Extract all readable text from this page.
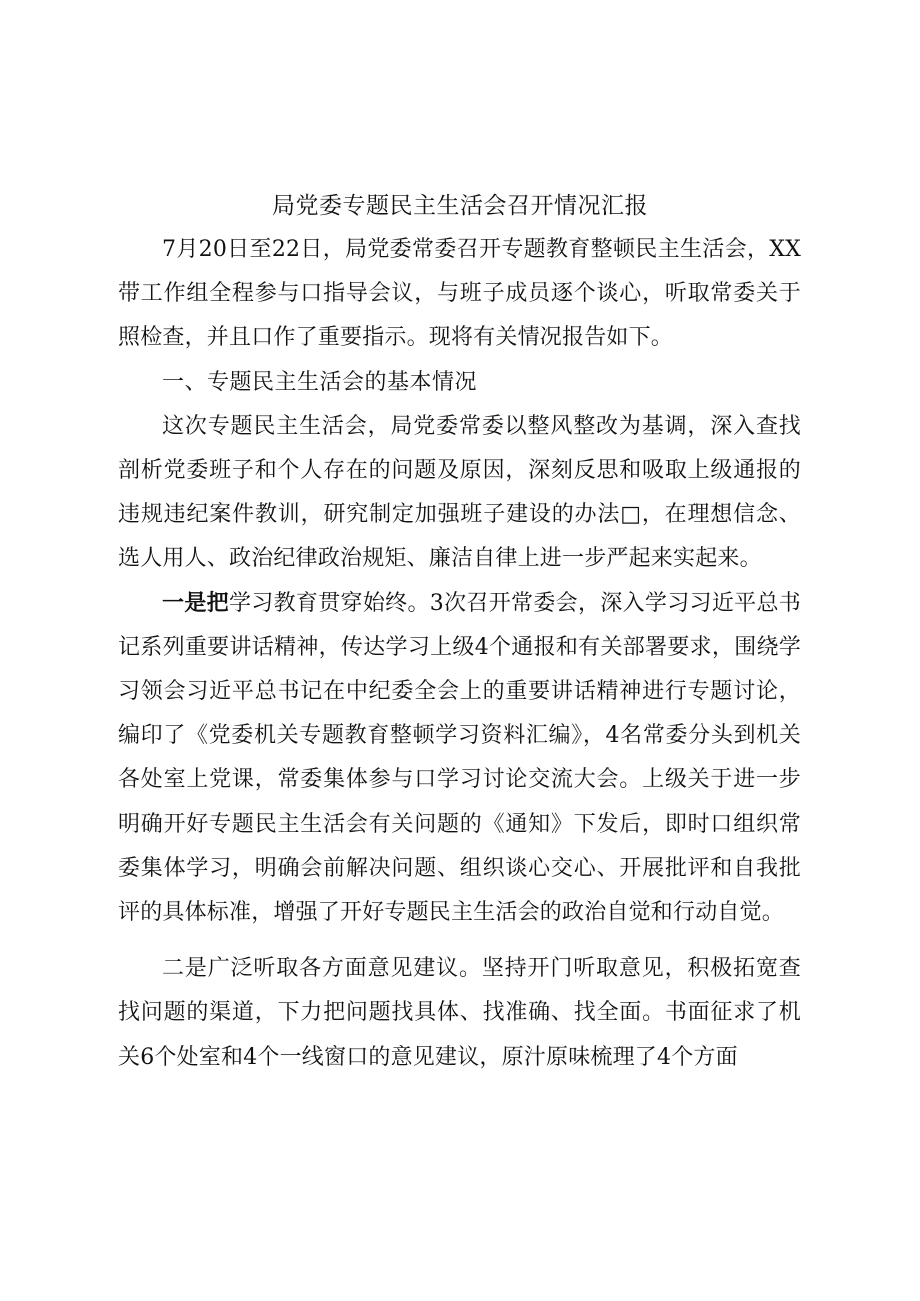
局党委专题民主生活会召开情况汇报

7月20日至22日，局党委常委召开专题教育整顿民主生活会，XX带工作组全程参与口指导会议，与班子成员逐个谈心，听取常委关于照检查，并且口作了重要指示。现将有关情况报告如下。

一、专题民主生活会的基本情况

这次专题民主生活会，局党委常委以整风整改为基调，深入查找剖析党委班子和个人存在的问题及原因，深刻反思和吸取上级通报的违规违纪案件教训，研究制定加强班子建设的办法□，在理想信念、选人用人、政治纪律政治规矩、廉洁自律上进一步严起来实起来。

一是把学习教育贯穿始终。3次召开常委会，深入学习习近平总书记系列重要讲话精神，传达学习上级4个通报和有关部署要求，围绕学习领会习近平总书记在中纪委全会上的重要讲话精神进行专题讨论，编印了《党委机关专题教育整顿学习资料汇编》，4名常委分头到机关各处室上党课，常委集体参与口学习讨论交流大会。上级关于进一步明确开好专题民主生活会有关问题的《通知》下发后，即时口组织常委集体学习，明确会前解决问题、组织谈心交心、开展批评和自我批评的具体标准，增强了开好专题民主生活会的政治自觉和行动自觉。

二是广泛听取各方面意见建议。坚持开门听取意见，积极拓宽查找问题的渠道，下力把问题找具体、找准确、找全面。书面征求了机关6个处室和4个一线窗口的意见建议，原汁原味梳理了4个方面
